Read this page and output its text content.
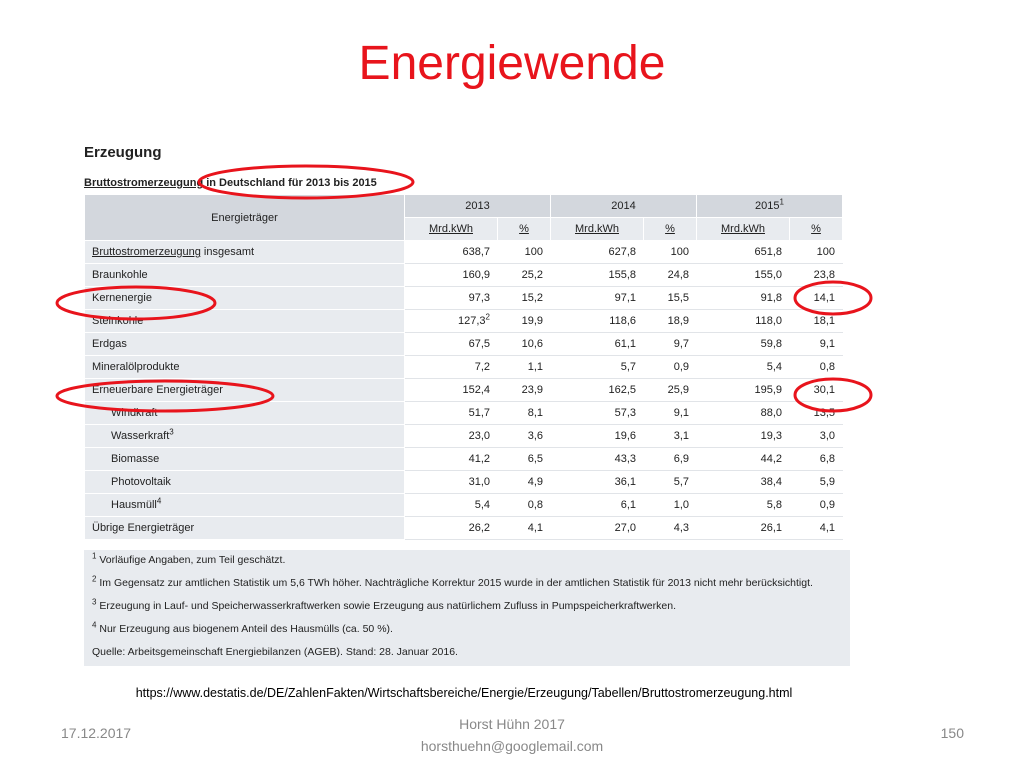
Energiewende
Erzeugung
Bruttostromerzeugung in Deutschland für 2013 bis 2015
Energieträger	2013		2014		2015$^1$
	Mrd.kWh	%	Mrd.kWh	%	Mrd.kWh	%
Bruttostromerzeugung insgesamt	638,7	100	627,8	100	651,8	100
Braunkohle	160,9	25,2	155,8	24,8	155,0	23,8
Kernenergie	97,3	15,2	97,1	15,5	91,8	14,1
Steinkohle	127,3$^2$	19,9	118,6	18,9	118,0	18,1
Erdgas	67,5	10,6	61,1	9,7	59,8	9,1
Mineralölprodukte	7,2	1,1	5,7	0,9	5,4	0,8
Erneuerbare Energieträger	152,4	23,9	162,5	25,9	195,9	30,1
Windkraft	51,7	8,1	57,3	9,1	88,0	13,5
Wasserkraft$^3$	23,0	3,6	19,6	3,1	19,3	3,0
Biomasse	41,2	6,5	43,3	6,9	44,2	6,8
Photovoltaik	31,0	4,9	36,1	5,7	38,4	5,9
Hausmüll$^4$	5,4	0,8	6,1	1,0	5,8	0,9
Übrige Energieträger	26,2	4,1	27,0	4,3	26,1	4,1
$^1$ Vorläufige Angaben, zum Teil geschätzt.
$^2$ Im Gegensatz zur amtlichen Statistik um 5,6 TWh höher. Nachträgliche Korrektur 2015 wurde in der amtlichen Statistik für 2013 nicht mehr berücksichtigt.
$^3$ Erzeugung in Lauf- und Speicherwasserkraftwerken sowie Erzeugung aus natürlichem Zufluss in Pumpspeicherkraftwerken.
$^4$ Nur Erzeugung aus biogenem Anteil des Hausmülls (ca. 50 %).
Quelle: Arbeitsgemeinschaft Energiebilanzen (AGEB). Stand: 28. Januar 2016.
https://www.destatis.de/DE/ZahlenFakten/Wirtschaftsbereiche/Energie/Erzeugung/Tabellen/Bruttostromerzeugung.html
17.12.2017
Horst Hühn 2017
horsthuehn@googlemail.com
150
